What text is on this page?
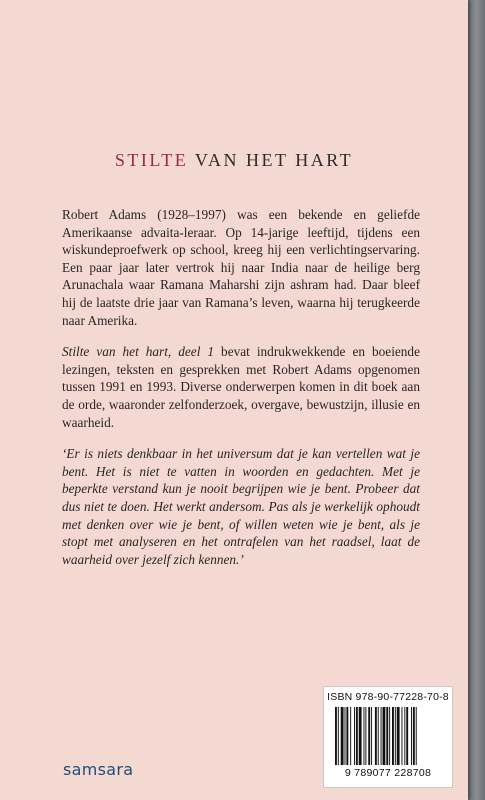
STILTE VAN HET HART

Robert Adams (1928–1997) was een bekende en geliefde Amerikaanse advaita-leraar. Op 14-jarige leeftijd, tijdens een wiskundeproefwerk op school, kreeg hij een verlichtingservaring. Een paar jaar later vertrok hij naar India naar de heilige berg Arunachala waar Ramana Maharshi zijn ashram had. Daar bleef hij de laatste drie jaar van Ramana’s leven, waarna hij terugkeerde naar Amerika.

Stilte van het hart, deel 1 bevat indrukwekkende en boeiende lezingen, teksten en gesprekken met Robert Adams opgenomen tussen 1991 en 1993. Diverse onderwerpen komen in dit boek aan de orde, waaronder zelfonderzoek, overgave, bewustzijn, illusie en waarheid.

‘Er is niets denkbaar in het universum dat je kan vertellen wat je bent. Het is niet te vatten in woorden en gedachten. Met je beperkte verstand kun je nooit begrijpen wie je bent. Probeer dat dus niet te doen. Het werkt andersom. Pas als je werkelijk ophoudt met denken over wie je bent, of willen weten wie je bent, als je stopt met analyseren en het ontrafelen van het raadsel, laat de waarheid over jezelf zich kennen.’

ISBN 978-90-77228-70-8
9 789077 228708
samsara
